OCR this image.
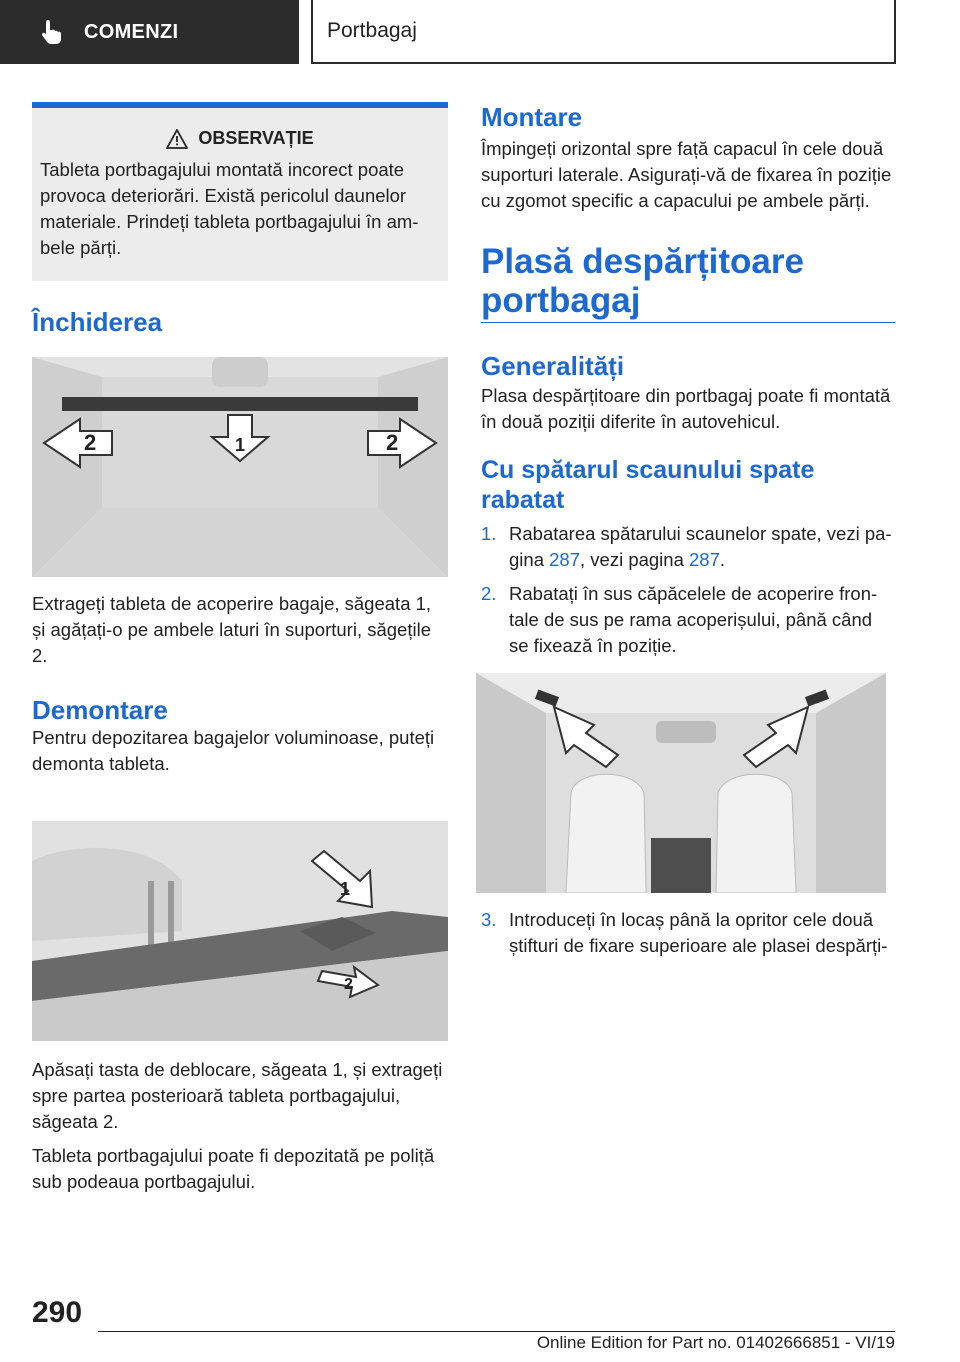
COMENZI	Portbagaj
OBSERVAȚIE

Tableta portbagajului montată incorect poate provoca deteriorări. Există pericolul daunelor materiale. Prindeți tableta portbagajului în ambele părți.

Închiderea
2	1	2

Extrageți tableta de acoperire bagaje, săgeata 1, și agățați-o pe ambele laturi în suporturi, săgețile 2.

Demontare

Pentru depozitarea bagajelor voluminoase, puteți demonta tableta.

1
2

Apăsați tasta de deblocare, săgeata 1, și extrageți spre partea posterioară tableta portbagajului, săgeata 2.

Tableta portbagajului poate fi depozitată pe poliță sub podeaua portbagajului.

Montare

Împingeți orizontal spre față capacul în cele două suporturi laterale. Asigurați-vă de fixarea în poziție cu zgomot specific a capacului pe ambele părți.

Plasă despărțitoare portbagaj
Generalități

Plasa despărțitoare din portbagaj poate fi montată în două poziții diferite în autovehicul.

Cu spătarul scaunului spate rabatat
1. Rabatarea spătarului scaunelor spate, vezi pagina 287, vezi pagina 287.
2. Rabatați în sus căpăcelele de acoperire frontale de sus pe rama acoperișului, până când se fixează în poziție.
3. Introduceți în locaș până la opritor cele două știfturi de fixare superioare ale plasei despărți-
290
Online Edition for Part no. 01402666851 - VI/19
